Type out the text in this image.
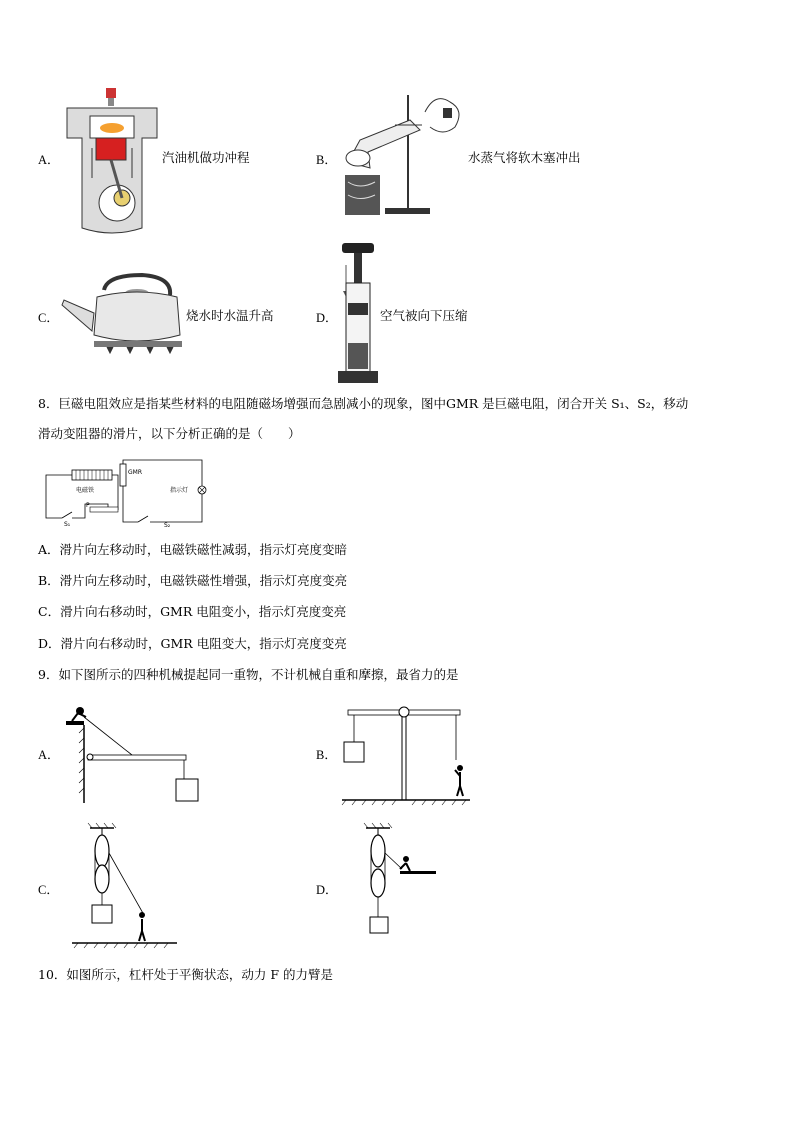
A．	汽油机做功冲程	B．	水蒸气将软木塞冲出
C．	烧水时水温升高	D．	空气被向下压缩
8．巨磁电阻效应是指某些材料的电阻随磁场增强而急剧减小的现象，图中GMR 是巨磁电阻，闭合开关 S₁、S₂，移动
滑动变阻器的滑片，以下分析正确的是（　　）
电磁铁
S₁
P
GMR
指示灯
S₂
A．滑片向左移动时，电磁铁磁性减弱，指示灯亮度变暗
B．滑片向左移动时，电磁铁磁性增强，指示灯亮度变亮
C．滑片向右移动时，GMR 电阻变小，指示灯亮度变亮
D．滑片向右移动时，GMR 电阻变大，指示灯亮度变亮
9．如下图所示的四种机械提起同一重物，不计机械自重和摩擦，最省力的是
A．	B．
C．	D．
10．如图所示，杠杆处于平衡状态，动力 F 的力臂是
